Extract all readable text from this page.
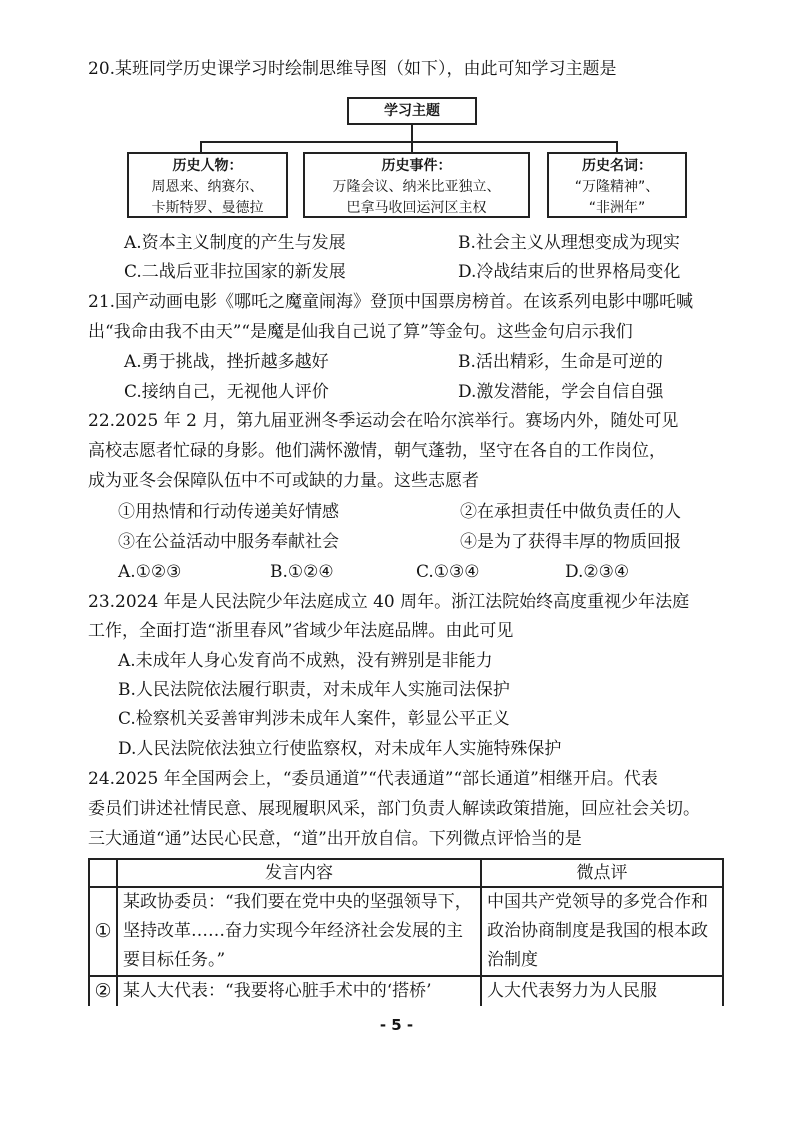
20.某班同学历史课学习时绘制思维导图（如下），由此可知学习主题是
学习主题
历史人物：
周恩来、纳赛尔、
卡斯特罗、曼德拉
历史事件：
万隆会议、纳米比亚独立、
巴拿马收回运河区主权
历史名词：
“万隆精神”、
“非洲年”
A.资本主义制度的产生与发展	B.社会主义从理想变成为现实
C.二战后亚非拉国家的新发展	D.冷战结束后的世界格局变化
21.国产动画电影《哪吒之魔童闹海》登顶中国票房榜首。在该系列电影中哪吒喊
出“我命由我不由天”“是魔是仙我自己说了算”等金句。这些金句启示我们
A.勇于挑战，挫折越多越好	B.活出精彩，生命是可逆的
C.接纳自己，无视他人评价	D.激发潜能，学会自信自强
22.2025 年 2 月，第九届亚洲冬季运动会在哈尔滨举行。赛场内外，随处可见
高校志愿者忙碌的身影。他们满怀激情，朝气蓬勃，坚守在各自的工作岗位，
成为亚冬会保障队伍中不可或缺的力量。这些志愿者
①用热情和行动传递美好情感	②在承担责任中做负责任的人
③在公益活动中服务奉献社会	④是为了获得丰厚的物质回报
A.①②③	B.①②④	C.①③④	D.②③④
23.2024 年是人民法院少年法庭成立 40 周年。浙江法院始终高度重视少年法庭
工作，全面打造“浙里春风”省域少年法庭品牌。由此可见
A.未成年人身心发育尚不成熟，没有辨别是非能力
B.人民法院依法履行职责，对未成年人实施司法保护
C.检察机关妥善审判涉未成年人案件，彰显公平正义
D.人民法院依法独立行使监察权，对未成年人实施特殊保护
24.2025 年全国两会上，“委员通道”“代表通道”“部长通道”相继开启。代表
委员们讲述社情民意、展现履职风采，部门负责人解读政策措施，回应社会关切。
三大通道“通”达民心民意，“道”出开放自信。下列微点评恰当的是
	发言内容	微点评
①	某政协委员：“我们要在党中央的坚强领导下，坚持改革……奋力实现今年经济社会发展的主要目标任务。”	中国共产党领导的多党合作和政治协商制度是我国的根本政治制度
②	某人大代表：“我要将心脏手术中的‘搭桥’	人大代表努力为人民服
- 5 -
